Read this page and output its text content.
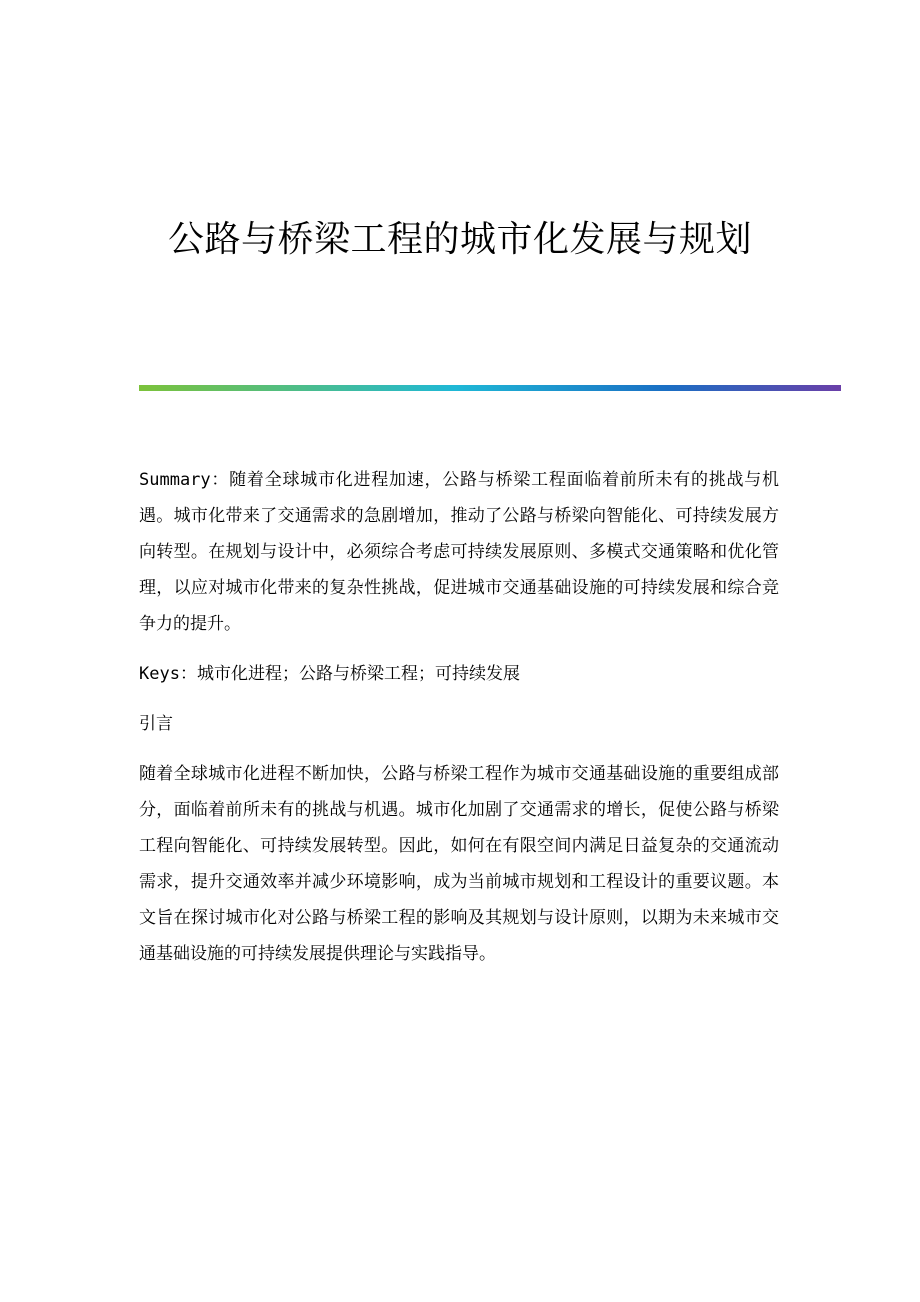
公路与桥梁工程的城市化发展与规划

Summary：随着全球城市化进程加速，公路与桥梁工程面临着前所未有的挑战与机遇。城市化带来了交通需求的急剧增加，推动了公路与桥梁向智能化、可持续发展方向转型。在规划与设计中，必须综合考虑可持续发展原则、多模式交通策略和优化管理，以应对城市化带来的复杂性挑战，促进城市交通基础设施的可持续发展和综合竞争力的提升。

Keys：城市化进程；公路与桥梁工程；可持续发展

引言

随着全球城市化进程不断加快，公路与桥梁工程作为城市交通基础设施的重要组成部分，面临着前所未有的挑战与机遇。城市化加剧了交通需求的增长，促使公路与桥梁工程向智能化、可持续发展转型。因此，如何在有限空间内满足日益复杂的交通流动需求，提升交通效率并减少环境影响，成为当前城市规划和工程设计的重要议题。本文旨在探讨城市化对公路与桥梁工程的影响及其规划与设计原则，以期为未来城市交通基础设施的可持续发展提供理论与实践指导。
